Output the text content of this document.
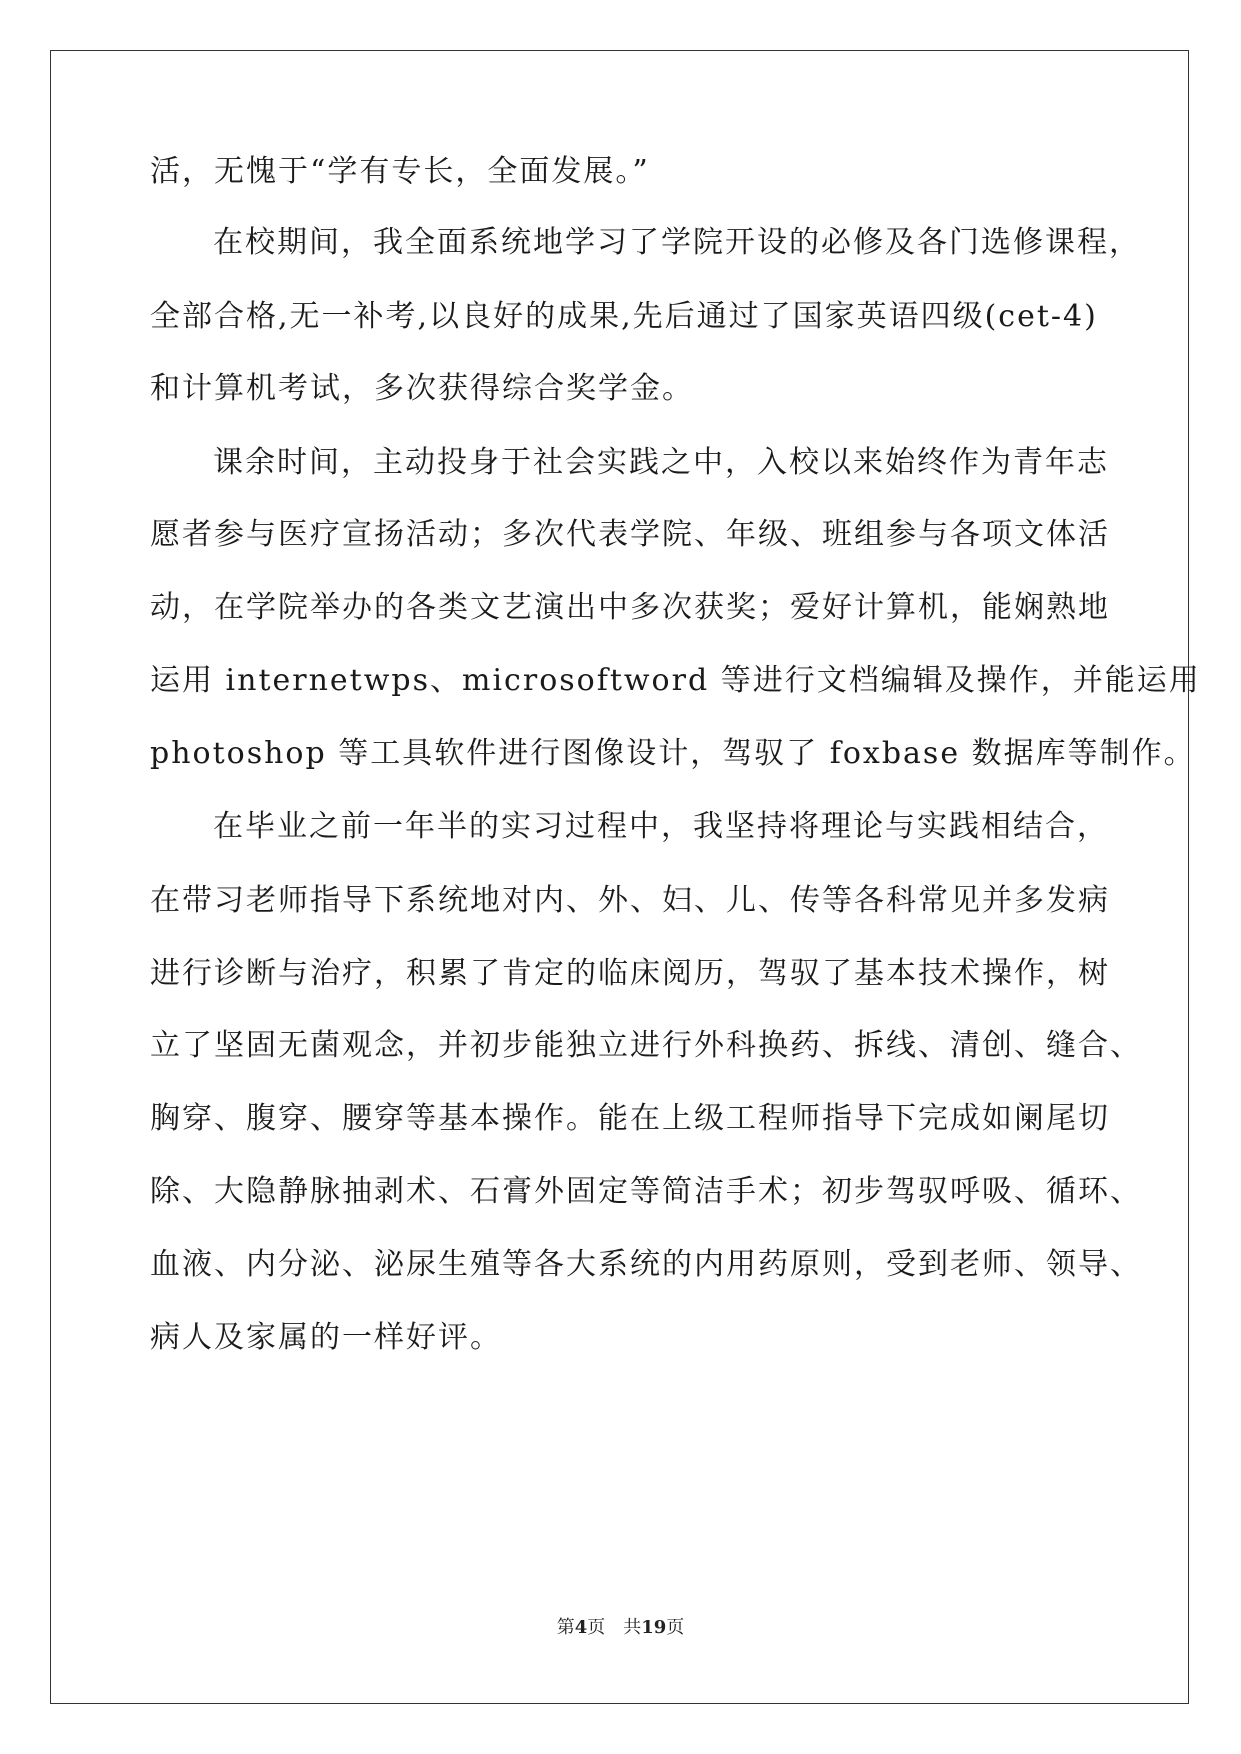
活，无愧于“学有专长，全面发展。”
在校期间，我全面系统地学习了学院开设的必修及各门选修课程，
全部合格,无一补考,以良好的成果,先后通过了国家英语四级(cet-4)
和计算机考试，多次获得综合奖学金。
课余时间，主动投身于社会实践之中，入校以来始终作为青年志
愿者参与医疗宣扬活动；多次代表学院、年级、班组参与各项文体活
动，在学院举办的各类文艺演出中多次获奖；爱好计算机，能娴熟地
运用 internetwps、microsoftword 等进行文档编辑及操作，并能运用
photoshop 等工具软件进行图像设计，驾驭了 foxbase 数据库等制作。
在毕业之前一年半的实习过程中，我坚持将理论与实践相结合，
在带习老师指导下系统地对内、外、妇、儿、传等各科常见并多发病
进行诊断与治疗，积累了肯定的临床阅历，驾驭了基本技术操作，树
立了坚固无菌观念，并初步能独立进行外科换药、拆线、清创、缝合、
胸穿、腹穿、腰穿等基本操作。能在上级工程师指导下完成如阑尾切
除、大隐静脉抽剥术、石膏外固定等简洁手术；初步驾驭呼吸、循环、
血液、内分泌、泌尿生殖等各大系统的内用药原则，受到老师、领导、
病人及家属的一样好评。
第4页 共19页
